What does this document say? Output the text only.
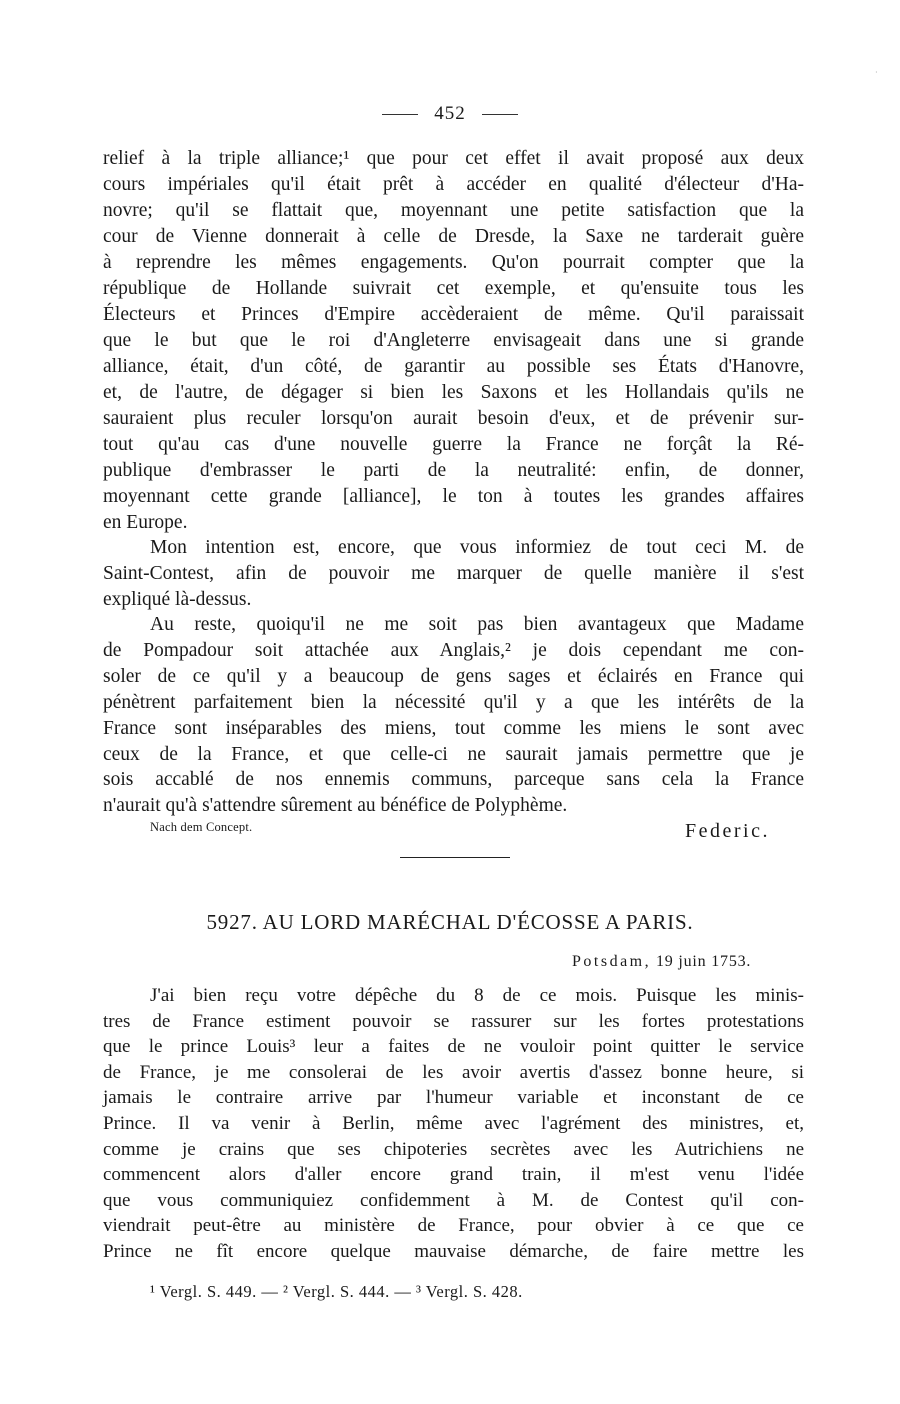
452
·
relief à la triple alliance;¹ que pour cet effet il avait proposé aux deux
cours impériales qu'il était prêt à accéder en qualité d'électeur d'Ha-
novre; qu'il se flattait que, moyennant une petite satisfaction que la
cour de Vienne donnerait à celle de Dresde, la Saxe ne tarderait guère
à reprendre les mêmes engagements. Qu'on pourrait compter que la
république de Hollande suivrait cet exemple, et qu'ensuite tous les
Électeurs et Princes d'Empire accèderaient de même. Qu'il paraissait
que le but que le roi d'Angleterre envisageait dans une si grande
alliance, était, d'un côté, de garantir au possible ses États d'Hanovre,
et, de l'autre, de dégager si bien les Saxons et les Hollandais qu'ils ne
sauraient plus reculer lorsqu'on aurait besoin d'eux, et de prévenir sur-
tout qu'au cas d'une nouvelle guerre la France ne forçât la Ré-
publique d'embrasser le parti de la neutralité: enfin, de donner,
moyennant cette grande [alliance], le ton à toutes les grandes affaires
en Europe.
Mon intention est, encore, que vous informiez de tout ceci M. de
Saint-Contest, afin de pouvoir me marquer de quelle manière il s'est
expliqué là-dessus.
Au reste, quoiqu'il ne me soit pas bien avantageux que Madame
de Pompadour soit attachée aux Anglais,² je dois cependant me con-
soler de ce qu'il y a beaucoup de gens sages et éclairés en France qui
pénètrent parfaitement bien la nécessité qu'il y a que les intérêts de la
France sont inséparables des miens, tout comme les miens le sont avec
ceux de la France, et que celle-ci ne saurait jamais permettre que je
sois accablé de nos ennemis communs, parceque sans cela la France
n'aurait qu'à s'attendre sûrement au bénéfice de Polyphème.
Nach dem Concept.	Federic.
5927. AU LORD MARÉCHAL D'ÉCOSSE A PARIS.
Potsdam, 19 juin 1753.
J'ai bien reçu votre dépêche du 8 de ce mois. Puisque les minis-
tres de France estiment pouvoir se rassurer sur les fortes protestations
que le prince Louis³ leur a faites de ne vouloir point quitter le service
de France, je me consolerai de les avoir avertis d'assez bonne heure, si
jamais le contraire arrive par l'humeur variable et inconstant de ce
Prince. Il va venir à Berlin, même avec l'agrément des ministres, et,
comme je crains que ses chipoteries secrètes avec les Autrichiens ne
commencent alors d'aller encore grand train, il m'est venu l'idée
que vous communiquiez confidemment à M. de Contest qu'il con-
viendrait peut-être au ministère de France, pour obvier à ce que ce
Prince ne fît encore quelque mauvaise démarche, de faire mettre les
¹ Vergl. S. 449. — ² Vergl. S. 444. — ³ Vergl. S. 428.
